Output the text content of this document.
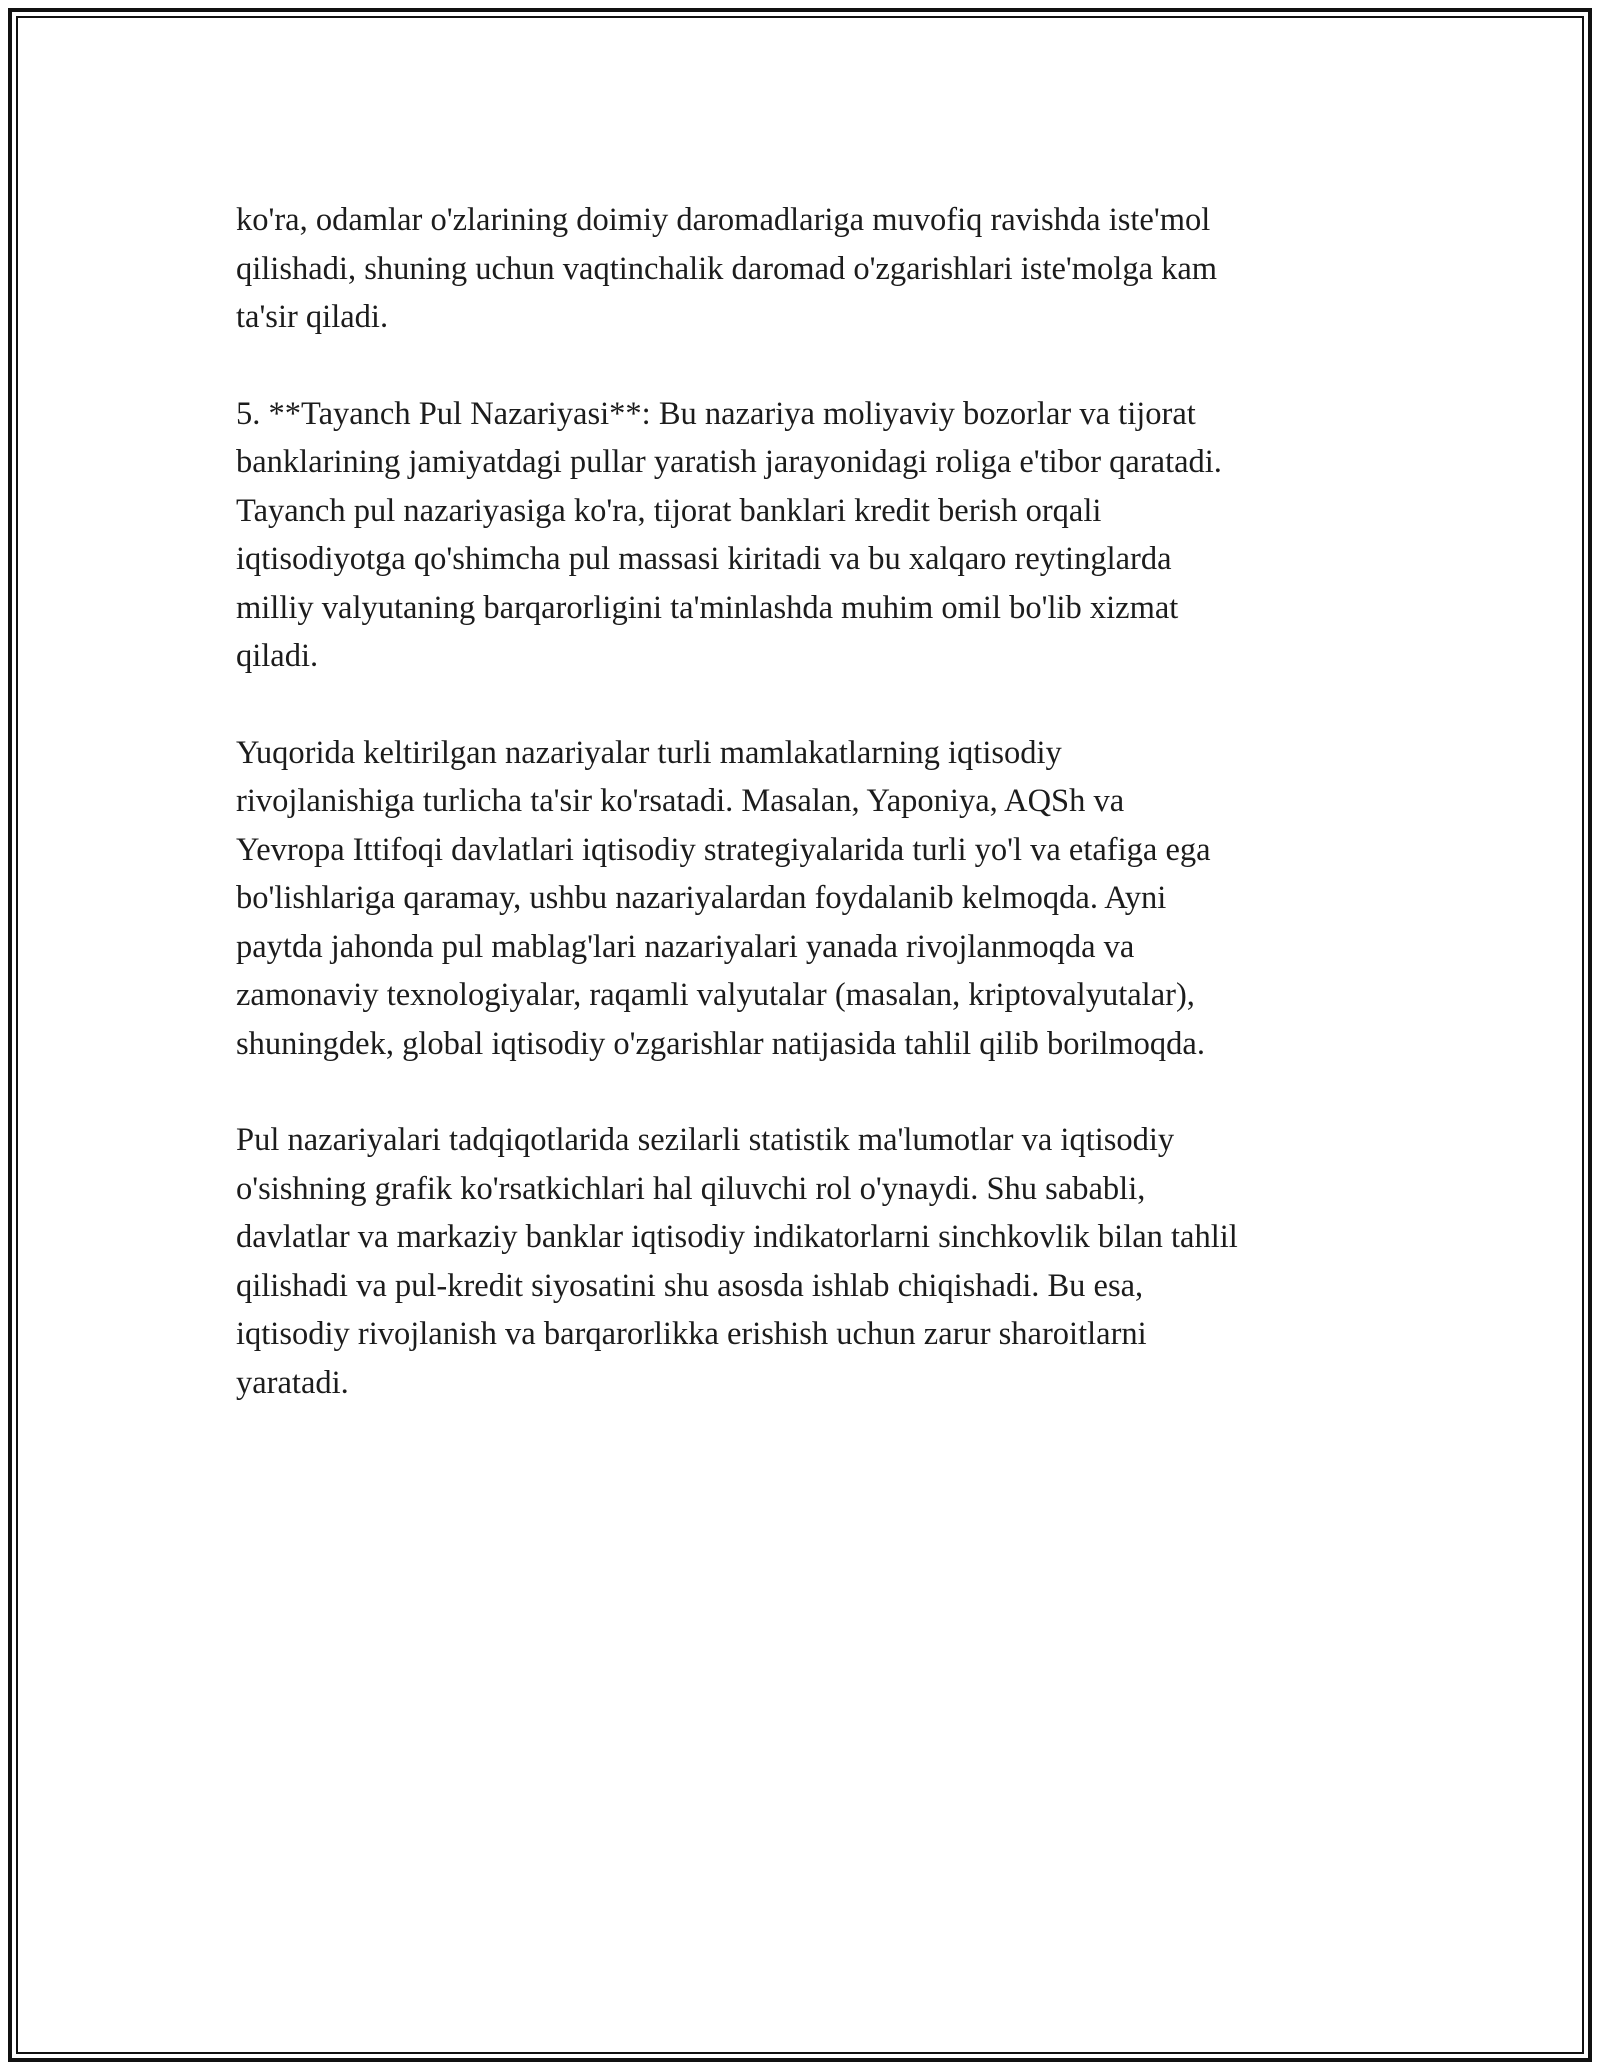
ko'ra, odamlar o'zlarining doimiy daromadlariga muvofiq ravishda iste'mol
qilishadi, shuning uchun vaqtinchalik daromad o'zgarishlari iste'molga kam
ta'sir qiladi.

5. **Tayanch Pul Nazariyasi**: Bu nazariya moliyaviy bozorlar va tijorat
banklarining jamiyatdagi pullar yaratish jarayonidagi roliga e'tibor qaratadi.
Tayanch pul nazariyasiga ko'ra, tijorat banklari kredit berish orqali
iqtisodiyotga qo'shimcha pul massasi kiritadi va bu xalqaro reytinglarda
milliy valyutaning barqarorligini ta'minlashda muhim omil bo'lib xizmat
qiladi.

Yuqorida keltirilgan nazariyalar turli mamlakatlarning iqtisodiy
rivojlanishiga turlicha ta'sir ko'rsatadi. Masalan, Yaponiya, AQSh va
Yevropa Ittifoqi davlatlari iqtisodiy strategiyalarida turli yo'l va etafiga ega
bo'lishlariga qaramay, ushbu nazariyalardan foydalanib kelmoqda. Ayni
paytda jahonda pul mablag'lari nazariyalari yanada rivojlanmoqda va
zamonaviy texnologiyalar, raqamli valyutalar (masalan, kriptovalyutalar),
shuningdek, global iqtisodiy o'zgarishlar natijasida tahlil qilib borilmoqda.

Pul nazariyalari tadqiqotlarida sezilarli statistik ma'lumotlar va iqtisodiy
o'sishning grafik ko'rsatkichlari hal qiluvchi rol o'ynaydi. Shu sababli,
davlatlar va markaziy banklar iqtisodiy indikatorlarni sinchkovlik bilan tahlil
qilishadi va pul-kredit siyosatini shu asosda ishlab chiqishadi. Bu esa,
iqtisodiy rivojlanish va barqarorlikka erishish uchun zarur sharoitlarni
yaratadi.
